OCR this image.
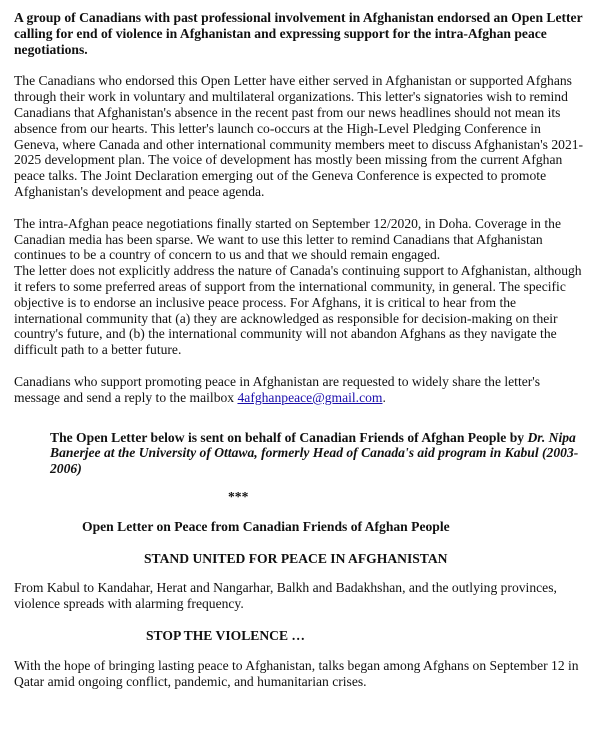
A group of Canadians with past professional involvement in Afghanistan endorsed an Open Letter calling for end of violence in Afghanistan and expressing support for the intra-Afghan peace negotiations.

The Canadians who endorsed this Open Letter have either served in Afghanistan or supported Afghans through their work in voluntary and multilateral organizations. This letter's signatories wish to remind Canadians that Afghanistan's absence in the recent past from our news headlines should not mean its absence from our hearts. This letter's launch co-occurs at the High-Level Pledging Conference in Geneva, where Canada and other international community members meet to discuss Afghanistan's 2021-2025 development plan. The voice of development has mostly been missing from the current Afghan peace talks. The Joint Declaration emerging out of the Geneva Conference is expected to promote Afghanistan's development and peace agenda.

The intra-Afghan peace negotiations finally started on September 12/2020, in Doha. Coverage in the Canadian media has been sparse. We want to use this letter to remind Canadians that Afghanistan continues to be a country of concern to us and that we should remain engaged.

The letter does not explicitly address the nature of Canada's continuing support to Afghanistan, although it refers to some preferred areas of support from the international community, in general. The specific objective is to endorse an inclusive peace process. For Afghans, it is critical to hear from the international community that (a) they are acknowledged as responsible for decision-making on their country's future, and (b) the international community will not abandon Afghans as they navigate the difficult path to a better future.

Canadians who support promoting peace in Afghanistan are requested to widely share the letter's message and send a reply to the mailbox 4afghanpeace@gmail.com.

The Open Letter below is sent on behalf of Canadian Friends of Afghan People by Dr. Nipa Banerjee at the University of Ottawa, formerly Head of Canada's aid program in Kabul (2003-2006)

***

Open Letter on Peace from Canadian Friends of Afghan People

STAND UNITED FOR PEACE IN AFGHANISTAN

From Kabul to Kandahar, Herat and Nangarhar, Balkh and Badakhshan, and the outlying provinces, violence spreads with alarming frequency.

STOP THE VIOLENCE …

With the hope of bringing lasting peace to Afghanistan, talks began among Afghans on September 12 in Qatar amid ongoing conflict, pandemic, and humanitarian crises.
